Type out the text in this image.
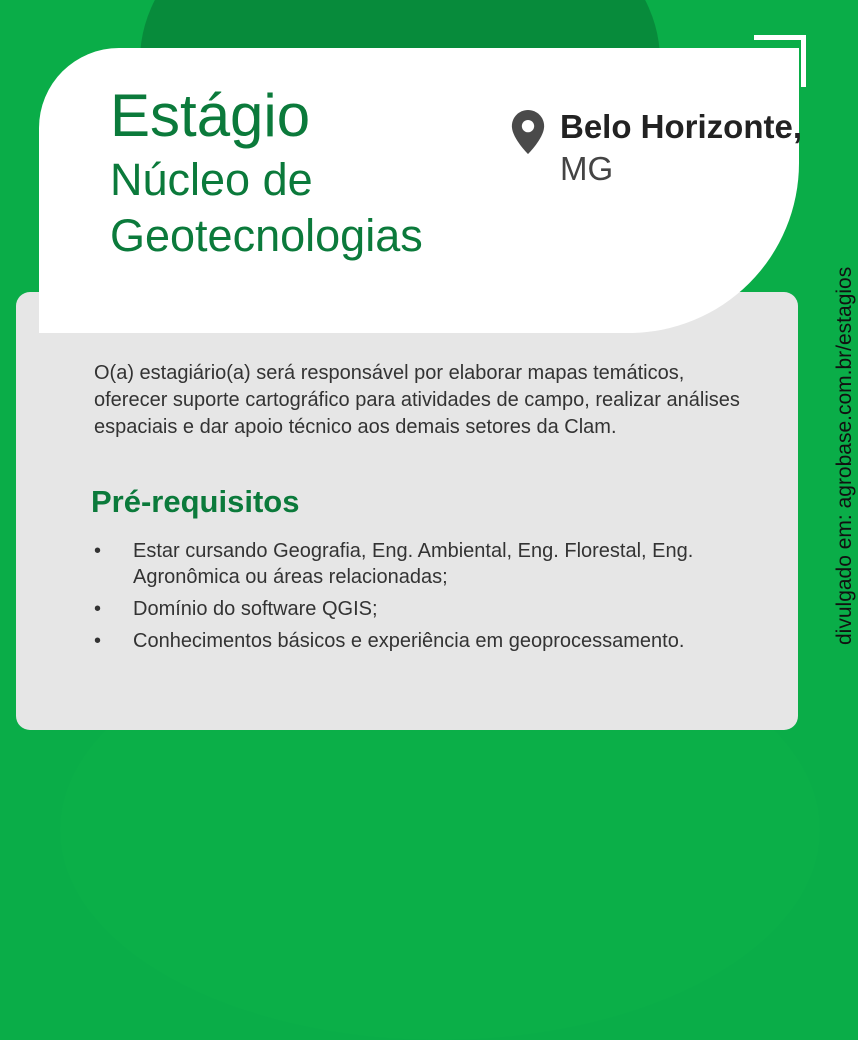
Estágio
Núcleo de Geotecnologias
Belo Horizonte,
MG

O(a) estagiário(a) será responsável por elaborar mapas temáticos, oferecer suporte cartográfico para atividades de campo, realizar análises espaciais e dar apoio técnico aos demais setores da Clam.

Pré-requisitos
• Estar cursando Geografia, Eng. Ambiental, Eng. Florestal, Eng. Agronômica ou áreas relacionadas;
• Domínio do software QGIS;
• Conhecimentos básicos e experiência em geoprocessamento.	divulgado em: agrobase.com.br/estagios
